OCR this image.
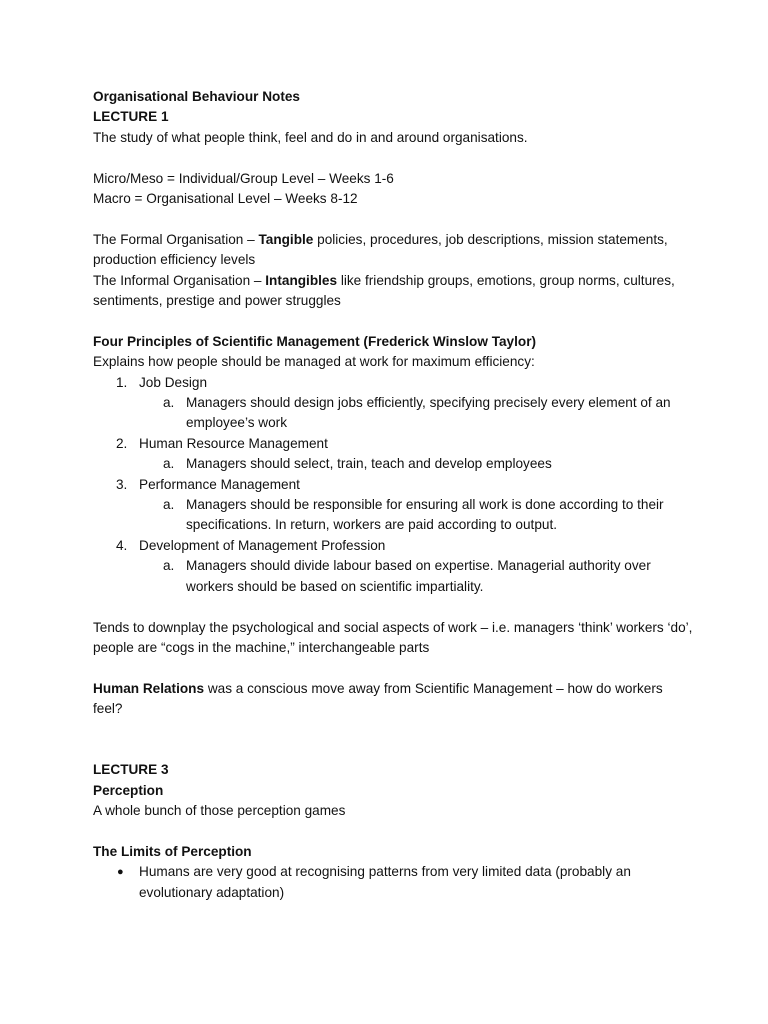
Organisational Behaviour Notes
LECTURE 1
The study of what people think, feel and do in and around organisations.
Micro/Meso = Individual/Group Level – Weeks 1-6
Macro = Organisational Level – Weeks 8-12
The Formal Organisation – Tangible policies, procedures, job descriptions, mission statements, production efficiency levels
The Informal Organisation – Intangibles like friendship groups, emotions, group norms, cultures, sentiments, prestige and power struggles
Four Principles of Scientific Management (Frederick Winslow Taylor)
Explains how people should be managed at work for maximum efficiency:
1. Job Design
a. Managers should design jobs efficiently, specifying precisely every element of an employee’s work
2. Human Resource Management
a. Managers should select, train, teach and develop employees
3. Performance Management
a. Managers should be responsible for ensuring all work is done according to their specifications. In return, workers are paid according to output.
4. Development of Management Profession
a. Managers should divide labour based on expertise. Managerial authority over workers should be based on scientific impartiality.
Tends to downplay the psychological and social aspects of work – i.e. managers ‘think’ workers ‘do’, people are “cogs in the machine,” interchangeable parts
Human Relations was a conscious move away from Scientific Management – how do workers feel?
LECTURE 3
Perception
A whole bunch of those perception games
The Limits of Perception
● Humans are very good at recognising patterns from very limited data (probably an evolutionary adaptation)
